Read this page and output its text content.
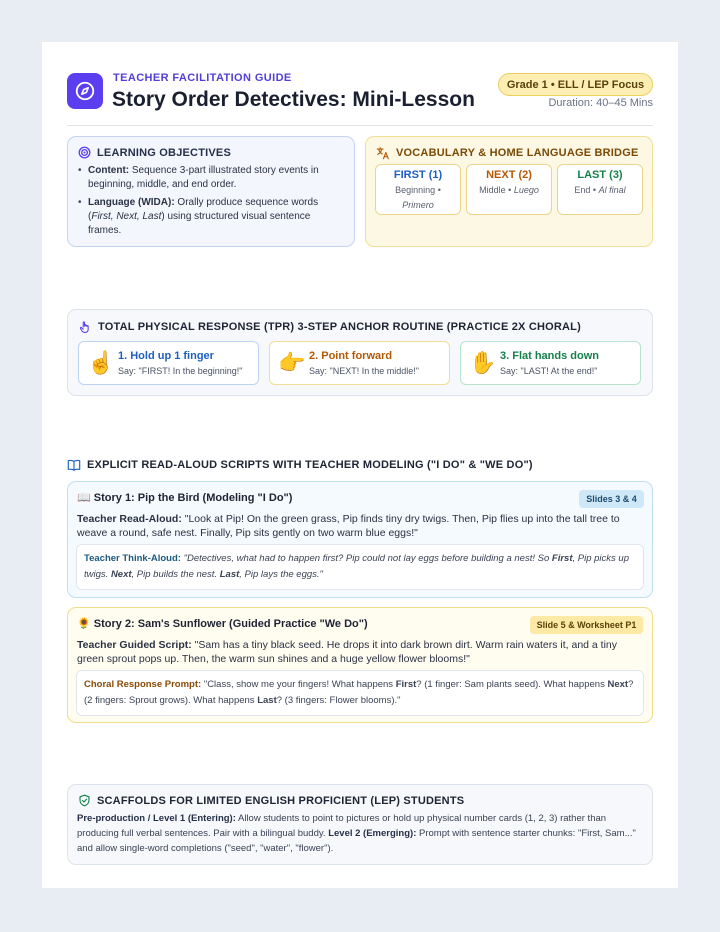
TEACHER FACILITATION GUIDE
Story Order Detectives: Mini-Lesson
Grade 1 • ELL / LEP Focus
Duration: 40–45 Mins
LEARNING OBJECTIVES
• Content: Sequence 3-part illustrated story events in beginning, middle, and end order.
• Language (WIDA): Orally produce sequence words (First, Next, Last) using structured visual sentence frames.
VOCABULARY & HOME LANGUAGE BRIDGE
FIRST (1)
Beginning • Primero
NEXT (2)
Middle • Luego
LAST (3)
End • Al final
TOTAL PHYSICAL RESPONSE (TPR) 3-STEP ANCHOR ROUTINE (PRACTICE 2X CHORAL)
☝️ 1. Hold up 1 finger
Say: "FIRST! In the beginning!" 👉 2. Point forward
Say: "NEXT! In the middle!" ✋ 3. Flat hands down
Say: "LAST! At the end!"
EXPLICIT READ-ALOUD SCRIPTS WITH TEACHER MODELING ("I DO" & "WE DO")
📖 Story 1: Pip the Bird (Modeling "I Do")	Slides 3 & 4
Teacher Read-Aloud: "Look at Pip! On the green grass, Pip finds tiny dry twigs. Then, Pip flies up into the tall tree to weave a round, safe nest. Finally, Pip sits gently on two warm blue eggs!"
Teacher Think-Aloud: "Detectives, what had to happen first? Pip could not lay eggs before building a nest! So First, Pip picks up twigs. Next, Pip builds the nest. Last, Pip lays the eggs."
🌻 Story 2: Sam's Sunflower (Guided Practice "We Do")	Slide 5 & Worksheet P1
Teacher Guided Script: "Sam has a tiny black seed. He drops it into dark brown dirt. Warm rain waters it, and a tiny green sprout pops up. Then, the warm sun shines and a huge yellow flower blooms!"
Choral Response Prompt: "Class, show me your fingers! What happens First? (1 finger: Sam plants seed). What happens Next? (2 fingers: Sprout grows). What happens Last? (3 fingers: Flower blooms)."
SCAFFOLDS FOR LIMITED ENGLISH PROFICIENT (LEP) STUDENTS
Pre-production / Level 1 (Entering): Allow students to point to pictures or hold up physical number cards (1, 2, 3) rather than producing full verbal sentences. Pair with a bilingual buddy. Level 2 (Emerging): Prompt with sentence starter chunks: "First, Sam..." and allow single-word completions ("seed", "water", "flower").
